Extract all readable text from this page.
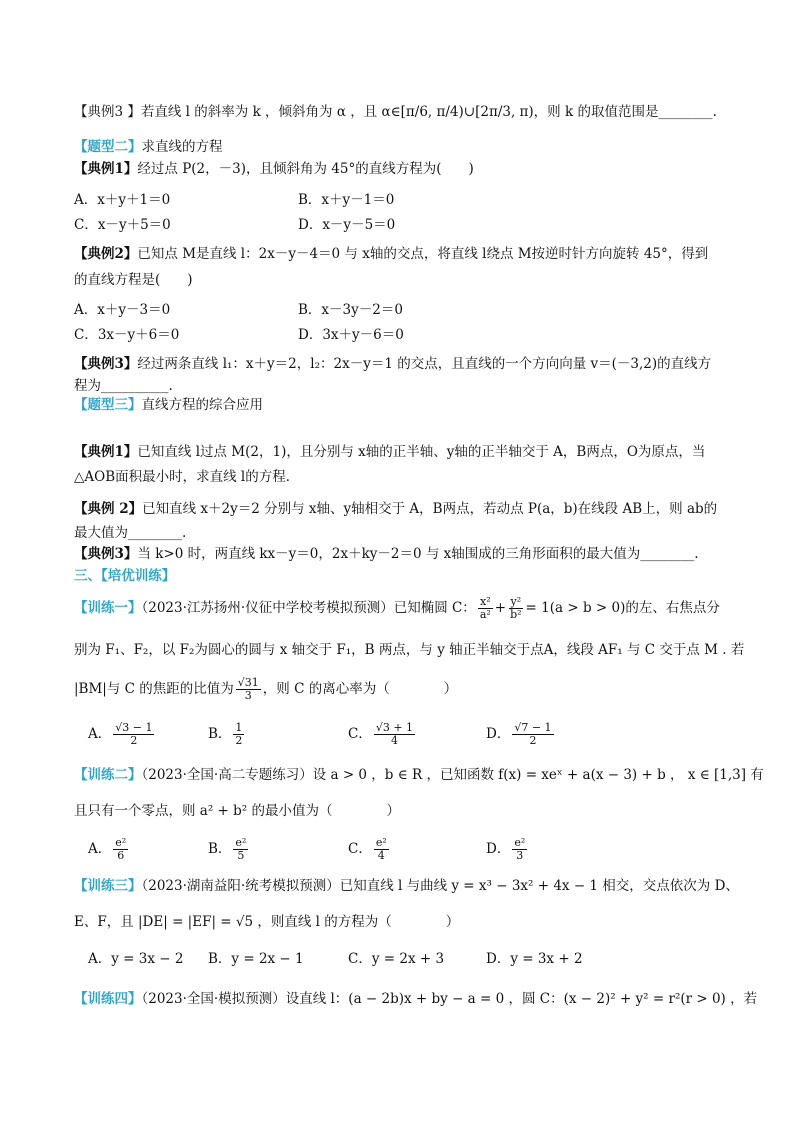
【典例3 】若直线 l 的斜率为 k ，倾斜角为 α ，且 α∈[π/6, π/4)∪[2π/3, π)，则 k 的取值范围是________.
【题型二】求直线的方程
【典例1】经过点 P(2，－3)，且倾斜角为 45°的直线方程为(　　)
A．x＋y＋1＝0	B．x＋y－1＝0
C．x－y＋5＝0	D．x－y－5＝0
【典例2】已知点 M是直线 l：2x－y－4＝0 与 x轴的交点，将直线 l绕点 M按逆时针方向旋转 45°，得到
的直线方程是(　　)
A．x＋y－3＝0	B．x－3y－2＝0
C．3x－y＋6＝0	D．3x＋y－6＝0
【典例3】经过两条直线 l₁：x＋y＝2，l₂：2x－y＝1 的交点，且直线的一个方向向量 v＝(－3,2)的直线方
程为__________.
【题型三】直线方程的综合应用
【典例1】已知直线 l过点 M(2，1)，且分别与 x轴的正半轴、y轴的正半轴交于 A，B两点，O为原点，当
△AOB面积最小时，求直线 l的方程．
【典例 2】已知直线 x＋2y＝2 分别与 x轴、y轴相交于 A，B两点，若动点 P(a，b)在线段 AB上，则 ab的
最大值为________.
【典例3】当 k>0 时，两直线 kx－y＝0，2x＋ky－2＝0 与 x轴围成的三角形面积的最大值为________.
三、【培优训练】
【训练一】（2023·江苏扬州·仪征中学校考模拟预测）已知椭圆 C： $\frac{\text{x²}}{\text{a²}} + \frac{\text{y²}}{\text{b²}} = 1(a > b > 0)$的左、右焦点分
别为 F₁、F₂，以 F₂为圆心的圆与 x 轴交于 F₁，B 两点，与 y 轴正半轴交于点A，线段 AF₁ 与 C 交于点 M . 若
|BM|与 C 的焦距的比值为 $\frac{√31}{3}$ ，则 C 的离心率为（　　　　）
A． $\frac{√3 - 1}{2}$	B． $\frac{1}{2}$	C． $\frac{√3 + 1}{4}$	D． $\frac{√7 - 1}{2}$
【训练二】（2023·全国·高二专题练习）设 a > 0 ，b ∈ R ，已知函数 f(x) = xeˣ + a(x − 3) + b ， x ∈ [1,3] 有
且只有一个零点，则 a² + b² 的最小值为（　　　　）
A． $\frac{\text{e²}}{6}$	B． $\frac{\text{e²}}{5}$	C． $\frac{\text{e²}}{4}$	D． $\frac{\text{e²}}{3}$
【训练三】（2023·湖南益阳·统考模拟预测）已知直线 l 与曲线 y = x³ − 3x² + 4x − 1 相交，交点依次为 D、
E、F，且 |DE| = |EF| = √5 ，则直线 l 的方程为（　　　　）
A．y = 3x − 2 B．y = 2x − 1	C．y = 2x + 3	D．y = 3x + 2
【训练四】（2023·全国·模拟预测）设直线 l：(a − 2b)x + by − a = 0 ，圆 C：(x − 2)² + y² = r²(r > 0) ，若
